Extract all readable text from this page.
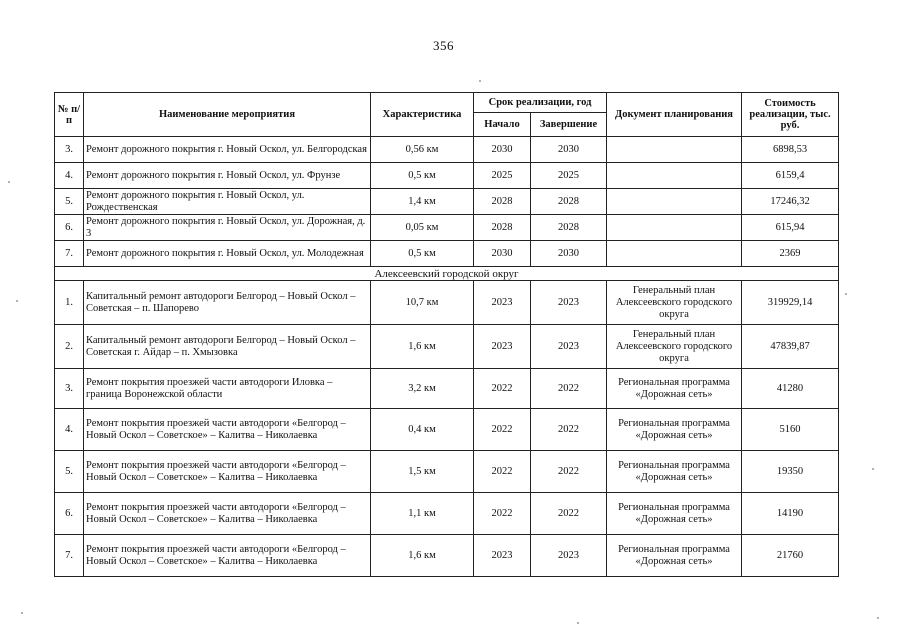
356
№ п/п	Наименование мероприятия	Характеристика	Срок реализации, год		Документ планирования	Стоимость реализации, тыс. руб.
			Начало	Завершение		
3.	Ремонт дорожного покрытия г. Новый Оскол, ул. Белгородская	0,56 км	2030	2030		6898,53
4.	Ремонт дорожного покрытия г. Новый Оскол, ул. Фрунзе	0,5 км	2025	2025		6159,4
5.	Ремонт дорожного покрытия г. Новый Оскол, ул. Рождественская	1,4 км	2028	2028		17246,32
6.	Ремонт дорожного покрытия г. Новый Оскол, ул. Дорожная, д. 3	0,05 км	2028	2028		615,94
7.	Ремонт дорожного покрытия г. Новый Оскол, ул. Молодежная	0,5 км	2030	2030		2369
Алексеевский городской округ						
1.	Капитальный ремонт автодороги Белгород – Новый Оскол – Советская – п. Шапорево	10,7 км	2023	2023	Генеральный план Алексеевского городского округа	319929,14
2.	Капитальный ремонт автодороги Белгород – Новый Оскол – Советская г. Айдар – п. Хмызовка	1,6 км	2023	2023	Генеральный план Алексеевского городского округа	47839,87
3.	Ремонт покрытия проезжей части автодороги Иловка – граница Воронежской области	3,2 км	2022	2022	Региональная программа «Дорожная сеть»	41280
4.	Ремонт покрытия проезжей части автодороги «Белгород – Новый Оскол – Советское» – Калитва – Николаевка	0,4 км	2022	2022	Региональная программа «Дорожная сеть»	5160
5.	Ремонт покрытия проезжей части автодороги «Белгород – Новый Оскол – Советское» – Калитва – Николаевка	1,5 км	2022	2022	Региональная программа «Дорожная сеть»	19350
6.	Ремонт покрытия проезжей части автодороги «Белгород – Новый Оскол – Советское» – Калитва – Николаевка	1,1 км	2022	2022	Региональная программа «Дорожная сеть»	14190
7.	Ремонт покрытия проезжей части автодороги «Белгород – Новый Оскол – Советское» – Калитва – Николаевка	1,6 км	2023	2023	Региональная программа «Дорожная сеть»	21760
